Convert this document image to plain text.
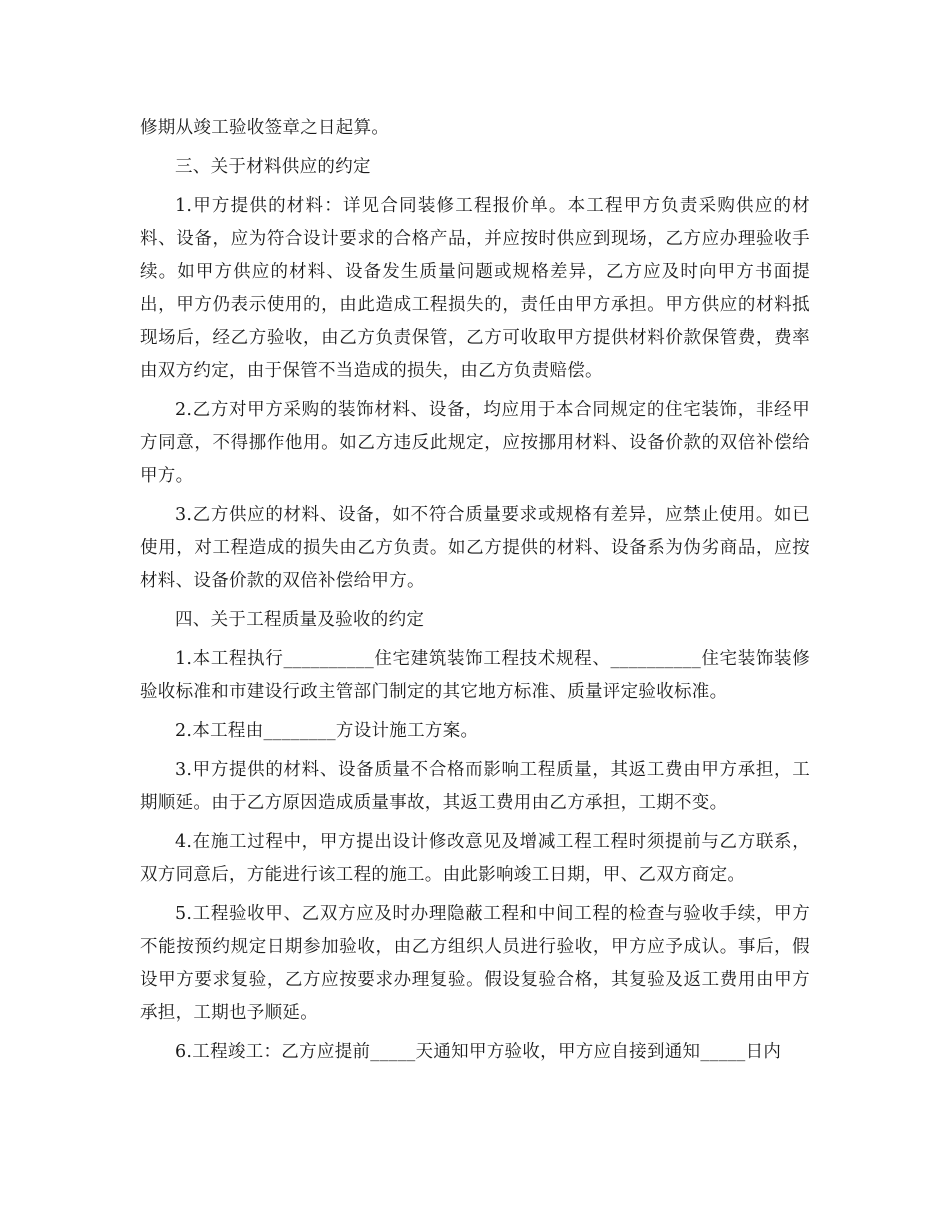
修期从竣工验收签章之日起算。

三、关于材料供应的约定

1.甲方提供的材料：详见合同装修工程报价单。本工程甲方负责采购供应的材料、设备，应为符合设计要求的合格产品，并应按时供应到现场，乙方应办理验收手续。如甲方供应的材料、设备发生质量问题或规格差异，乙方应及时向甲方书面提出，甲方仍表示使用的，由此造成工程损失的，责任由甲方承担。甲方供应的材料抵现场后，经乙方验收，由乙方负责保管，乙方可收取甲方提供材料价款保管费，费率由双方约定，由于保管不当造成的损失，由乙方负责赔偿。

2.乙方对甲方采购的装饰材料、设备，均应用于本合同规定的住宅装饰，非经甲方同意，不得挪作他用。如乙方违反此规定，应按挪用材料、设备价款的双倍补偿给甲方。

3.乙方供应的材料、设备，如不符合质量要求或规格有差异，应禁止使用。如已使用，对工程造成的损失由乙方负责。如乙方提供的材料、设备系为伪劣商品，应按材料、设备价款的双倍补偿给甲方。

四、关于工程质量及验收的约定

1.本工程执行__________住宅建筑装饰工程技术规程、__________住宅装饰装修验收标准和市建设行政主管部门制定的其它地方标准、质量评定验收标准。

2.本工程由________方设计施工方案。

3.甲方提供的材料、设备质量不合格而影响工程质量，其返工费由甲方承担，工期顺延。由于乙方原因造成质量事故，其返工费用由乙方承担，工期不变。

4.在施工过程中，甲方提出设计修改意见及增减工程工程时须提前与乙方联系，双方同意后，方能进行该工程的施工。由此影响竣工日期，甲、乙双方商定。

5.工程验收甲、乙双方应及时办理隐蔽工程和中间工程的检查与验收手续，甲方不能按预约规定日期参加验收，由乙方组织人员进行验收，甲方应予成认。事后，假设甲方要求复验，乙方应按要求办理复验。假设复验合格，其复验及返工费用由甲方承担，工期也予顺延。

6.工程竣工：乙方应提前_____天通知甲方验收，甲方应自接到通知_____日内
